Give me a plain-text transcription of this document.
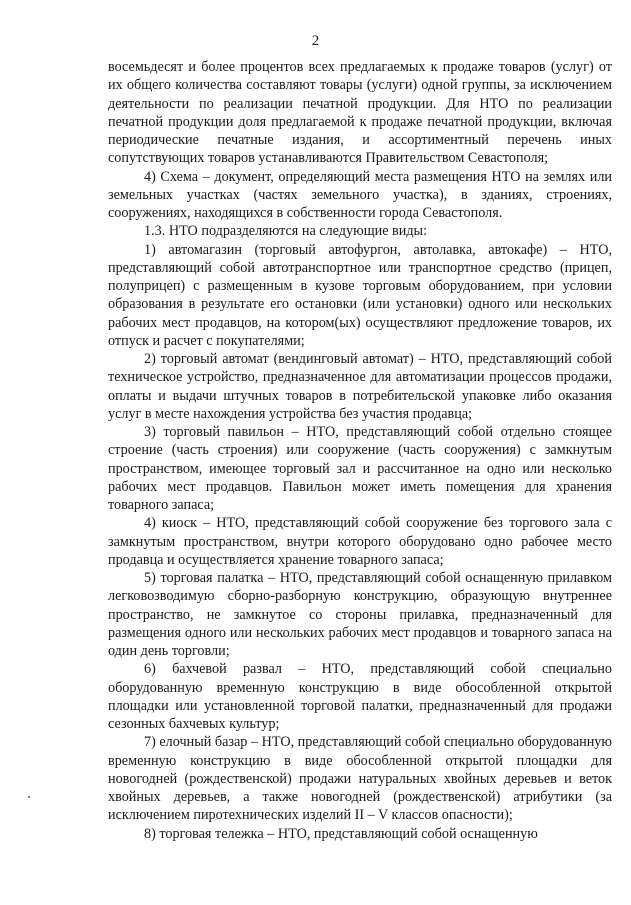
2

восемьдесят и более процентов всех предлагаемых к продаже товаров (услуг) от их общего количества составляют товары (услуги) одной группы, за исключением деятельности по реализации печатной продукции. Для НТО по реализации печатной продукции доля предлагаемой к продаже печатной продукции, включая периодические печатные издания, и ассортиментный перечень иных сопутствующих товаров устанавливаются Правительством Севастополя;

4) Схема – документ, определяющий места размещения НТО на землях или земельных участках (частях земельного участка), в зданиях, строениях, сооружениях, находящихся в собственности города Севастополя.

1.3. НТО подразделяются на следующие виды:

1) автомагазин (торговый автофургон, автолавка, автокафе) – НТО, представляющий собой автотранспортное или транспортное средство (прицеп, полуприцеп) с размещенным в кузове торговым оборудованием, при условии образования в результате его остановки (или установки) одного или нескольких рабочих мест продавцов, на котором(ых) осуществляют предложение товаров, их отпуск и расчет с покупателями;

2) торговый автомат (вендинговый автомат) – НТО, представляющий собой техническое устройство, предназначенное для автоматизации процессов продажи, оплаты и выдачи штучных товаров в потребительской упаковке либо оказания услуг в месте нахождения устройства без участия продавца;

3) торговый павильон – НТО, представляющий собой отдельно стоящее строение (часть строения) или сооружение (часть сооружения) с замкнутым пространством, имеющее торговый зал и рассчитанное на одно или несколько рабочих мест продавцов. Павильон может иметь помещения для хранения товарного запаса;

4) киоск – НТО, представляющий собой сооружение без торгового зала с замкнутым пространством, внутри которого оборудовано одно рабочее место продавца и осуществляется хранение товарного запаса;

5) торговая палатка – НТО, представляющий собой оснащенную прилавком легковозводимую сборно-разборную конструкцию, образующую внутреннее пространство, не замкнутое со стороны прилавка, предназначенный для размещения одного или нескольких рабочих мест продавцов и товарного запаса на один день торговли;

6) бахчевой развал – НТО, представляющий собой специально оборудованную временную конструкцию в виде обособленной открытой площадки или установленной торговой палатки, предназначенный для продажи сезонных бахчевых культур;

7) елочный базар – НТО, представляющий собой специально оборудованную временную конструкцию в виде обособленной открытой площадки для новогодней (рождественской) продажи натуральных хвойных деревьев и веток хвойных деревьев, а также новогодней (рождественской) атрибутики (за исключением пиротехнических изделий II – V классов опасности);

8) торговая тележка – НТО, представляющий собой оснащенную
